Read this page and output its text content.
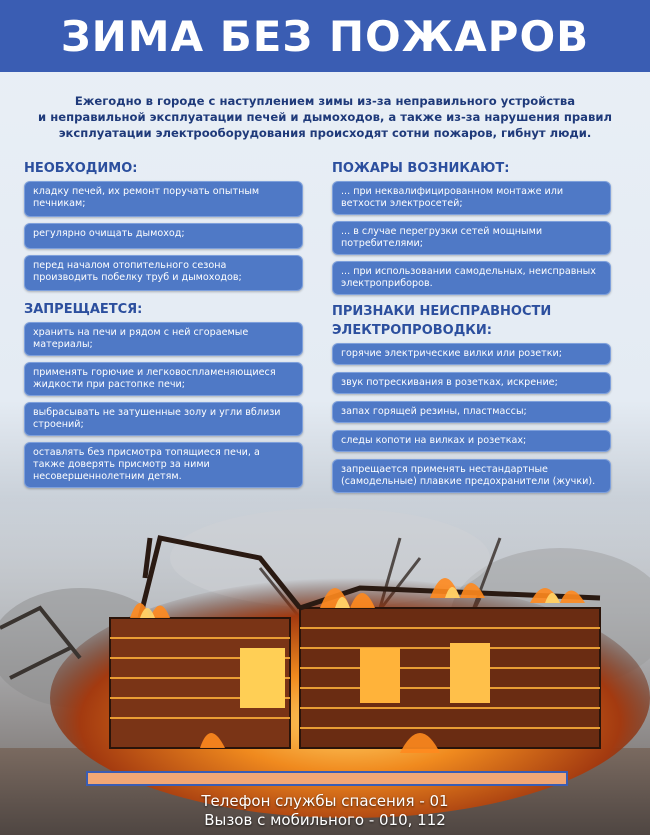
ЗИМА БЕЗ ПОЖАРОВ
Ежегодно в городе с наступлением зимы из-за неправильного устройства
и неправильной эксплуатации печей и дымоходов, а также из-за нарушения правил
эксплуатации электрооборудования происходят сотни пожаров, гибнут люди.
НЕОБХОДИМО:
кладку печей, их ремонт поручать опытным печникам;
регулярно очищать дымоход;
перед началом отопительного сезона производить побелку труб и дымоходов;
ЗАПРЕЩАЕТСЯ:
хранить на печи и рядом с ней сгораемые материалы;
применять горючие и легковоспламеняющиеся жидкости при растопке печи;
выбрасывать не затушенные золу и угли вблизи строений;
оставлять без присмотра топящиеся печи, а также доверять присмотр за ними несовершеннолетним детям.
ПОЖАРЫ ВОЗНИКАЮТ:
... при неквалифицированном монтаже или ветхости электросетей;
... в случае перегрузки сетей мощными потребителями;
... при использовании самодельных, неисправных электроприборов.
ПРИЗНАКИ НЕИСПРАВНОСТИ
ЭЛЕКТРОПРОВОДКИ:
горячие электрические вилки или розетки;
звук потрескивания в розетках, искрение;
запах горящей резины, пластмассы;
следы копоти на вилках и розетках;
запрещается применять нестандартные (самодельные) плавкие предохранители (жучки).
Телефон службы спасения - 01
Вызов с мобильного - 010, 112
